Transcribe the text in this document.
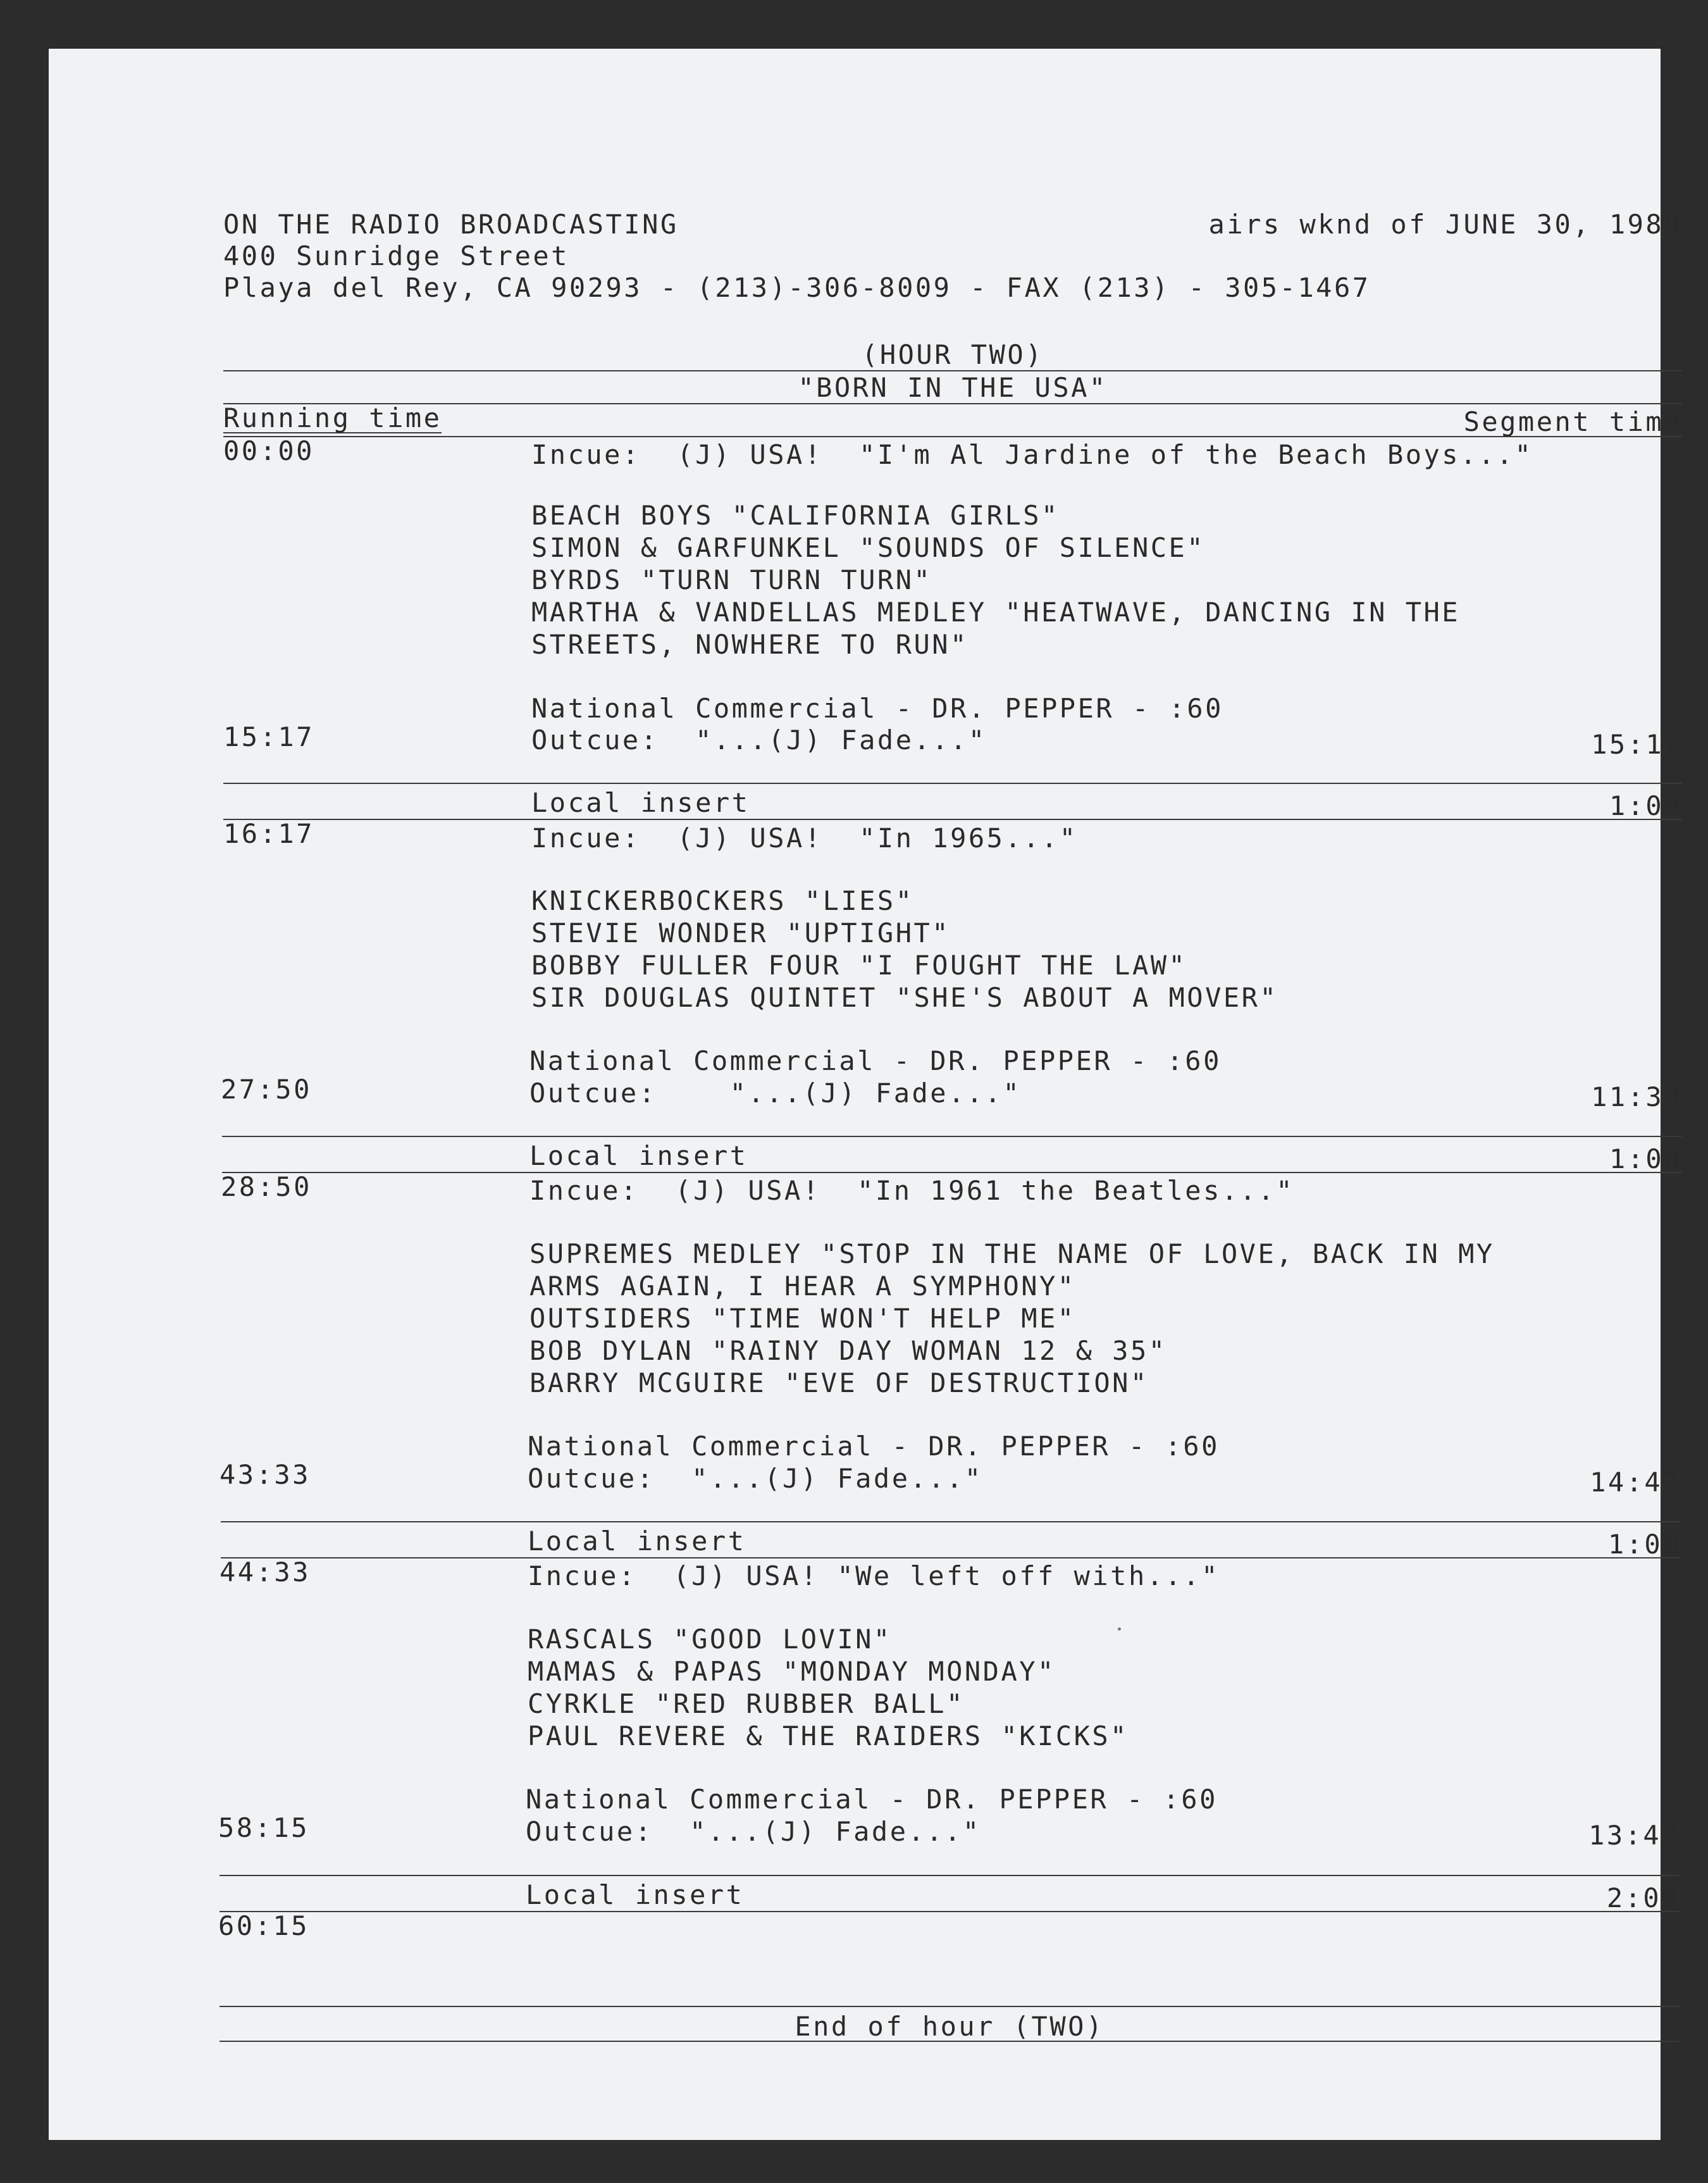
ON THE RADIO BROADCASTING	airs wknd of JUNE 30, 1989
400 Sunridge Street
Playa del Rey, CA 90293 - (213)-306-8009 - FAX (213) - 305-1467
(HOUR TWO)
"BORN IN THE USA"
Running time	Segment time
00:00	Incue:  (J) USA!  "I'm Al Jardine of the Beach Boys..."
BEACH BOYS "CALIFORNIA GIRLS"
SIMON & GARFUNKEL "SOUNDS OF SILENCE"
BYRDS "TURN TURN TURN"
MARTHA & VANDELLAS MEDLEY "HEATWAVE, DANCING IN THE
STREETS, NOWHERE TO RUN"
National Commercial - DR. PEPPER - :60
15:17	Outcue:  "...(J) Fade..."	15:17
Local insert	1:00
16:17	Incue:  (J) USA!  "In 1965..."
KNICKERBOCKERS "LIES"
STEVIE WONDER "UPTIGHT"
BOBBY FULLER FOUR "I FOUGHT THE LAW"
SIR DOUGLAS QUINTET "SHE'S ABOUT A MOVER"
National Commercial - DR. PEPPER - :60
27:50	Outcue:    "...(J) Fade..."	11:33
Local insert	1:00
28:50	Incue:  (J) USA!  "In 1961 the Beatles..."
SUPREMES MEDLEY "STOP IN THE NAME OF LOVE, BACK IN MY
ARMS AGAIN, I HEAR A SYMPHONY"
OUTSIDERS "TIME WON'T HELP ME"
BOB DYLAN "RAINY DAY WOMAN 12 & 35"
BARRY MCGUIRE "EVE OF DESTRUCTION"
National Commercial - DR. PEPPER - :60
43:33	Outcue:  "...(J) Fade..."	14:43
Local insert	1:00
44:33	Incue:  (J) USA! "We left off with..."
RASCALS "GOOD LOVIN"
MAMAS & PAPAS "MONDAY MONDAY"
CYRKLE "RED RUBBER BALL"
PAUL REVERE & THE RAIDERS "KICKS"
National Commercial - DR. PEPPER - :60
58:15	Outcue:  "...(J) Fade..."	13:42
Local insert	2:00
60:15
End of hour (TWO)
